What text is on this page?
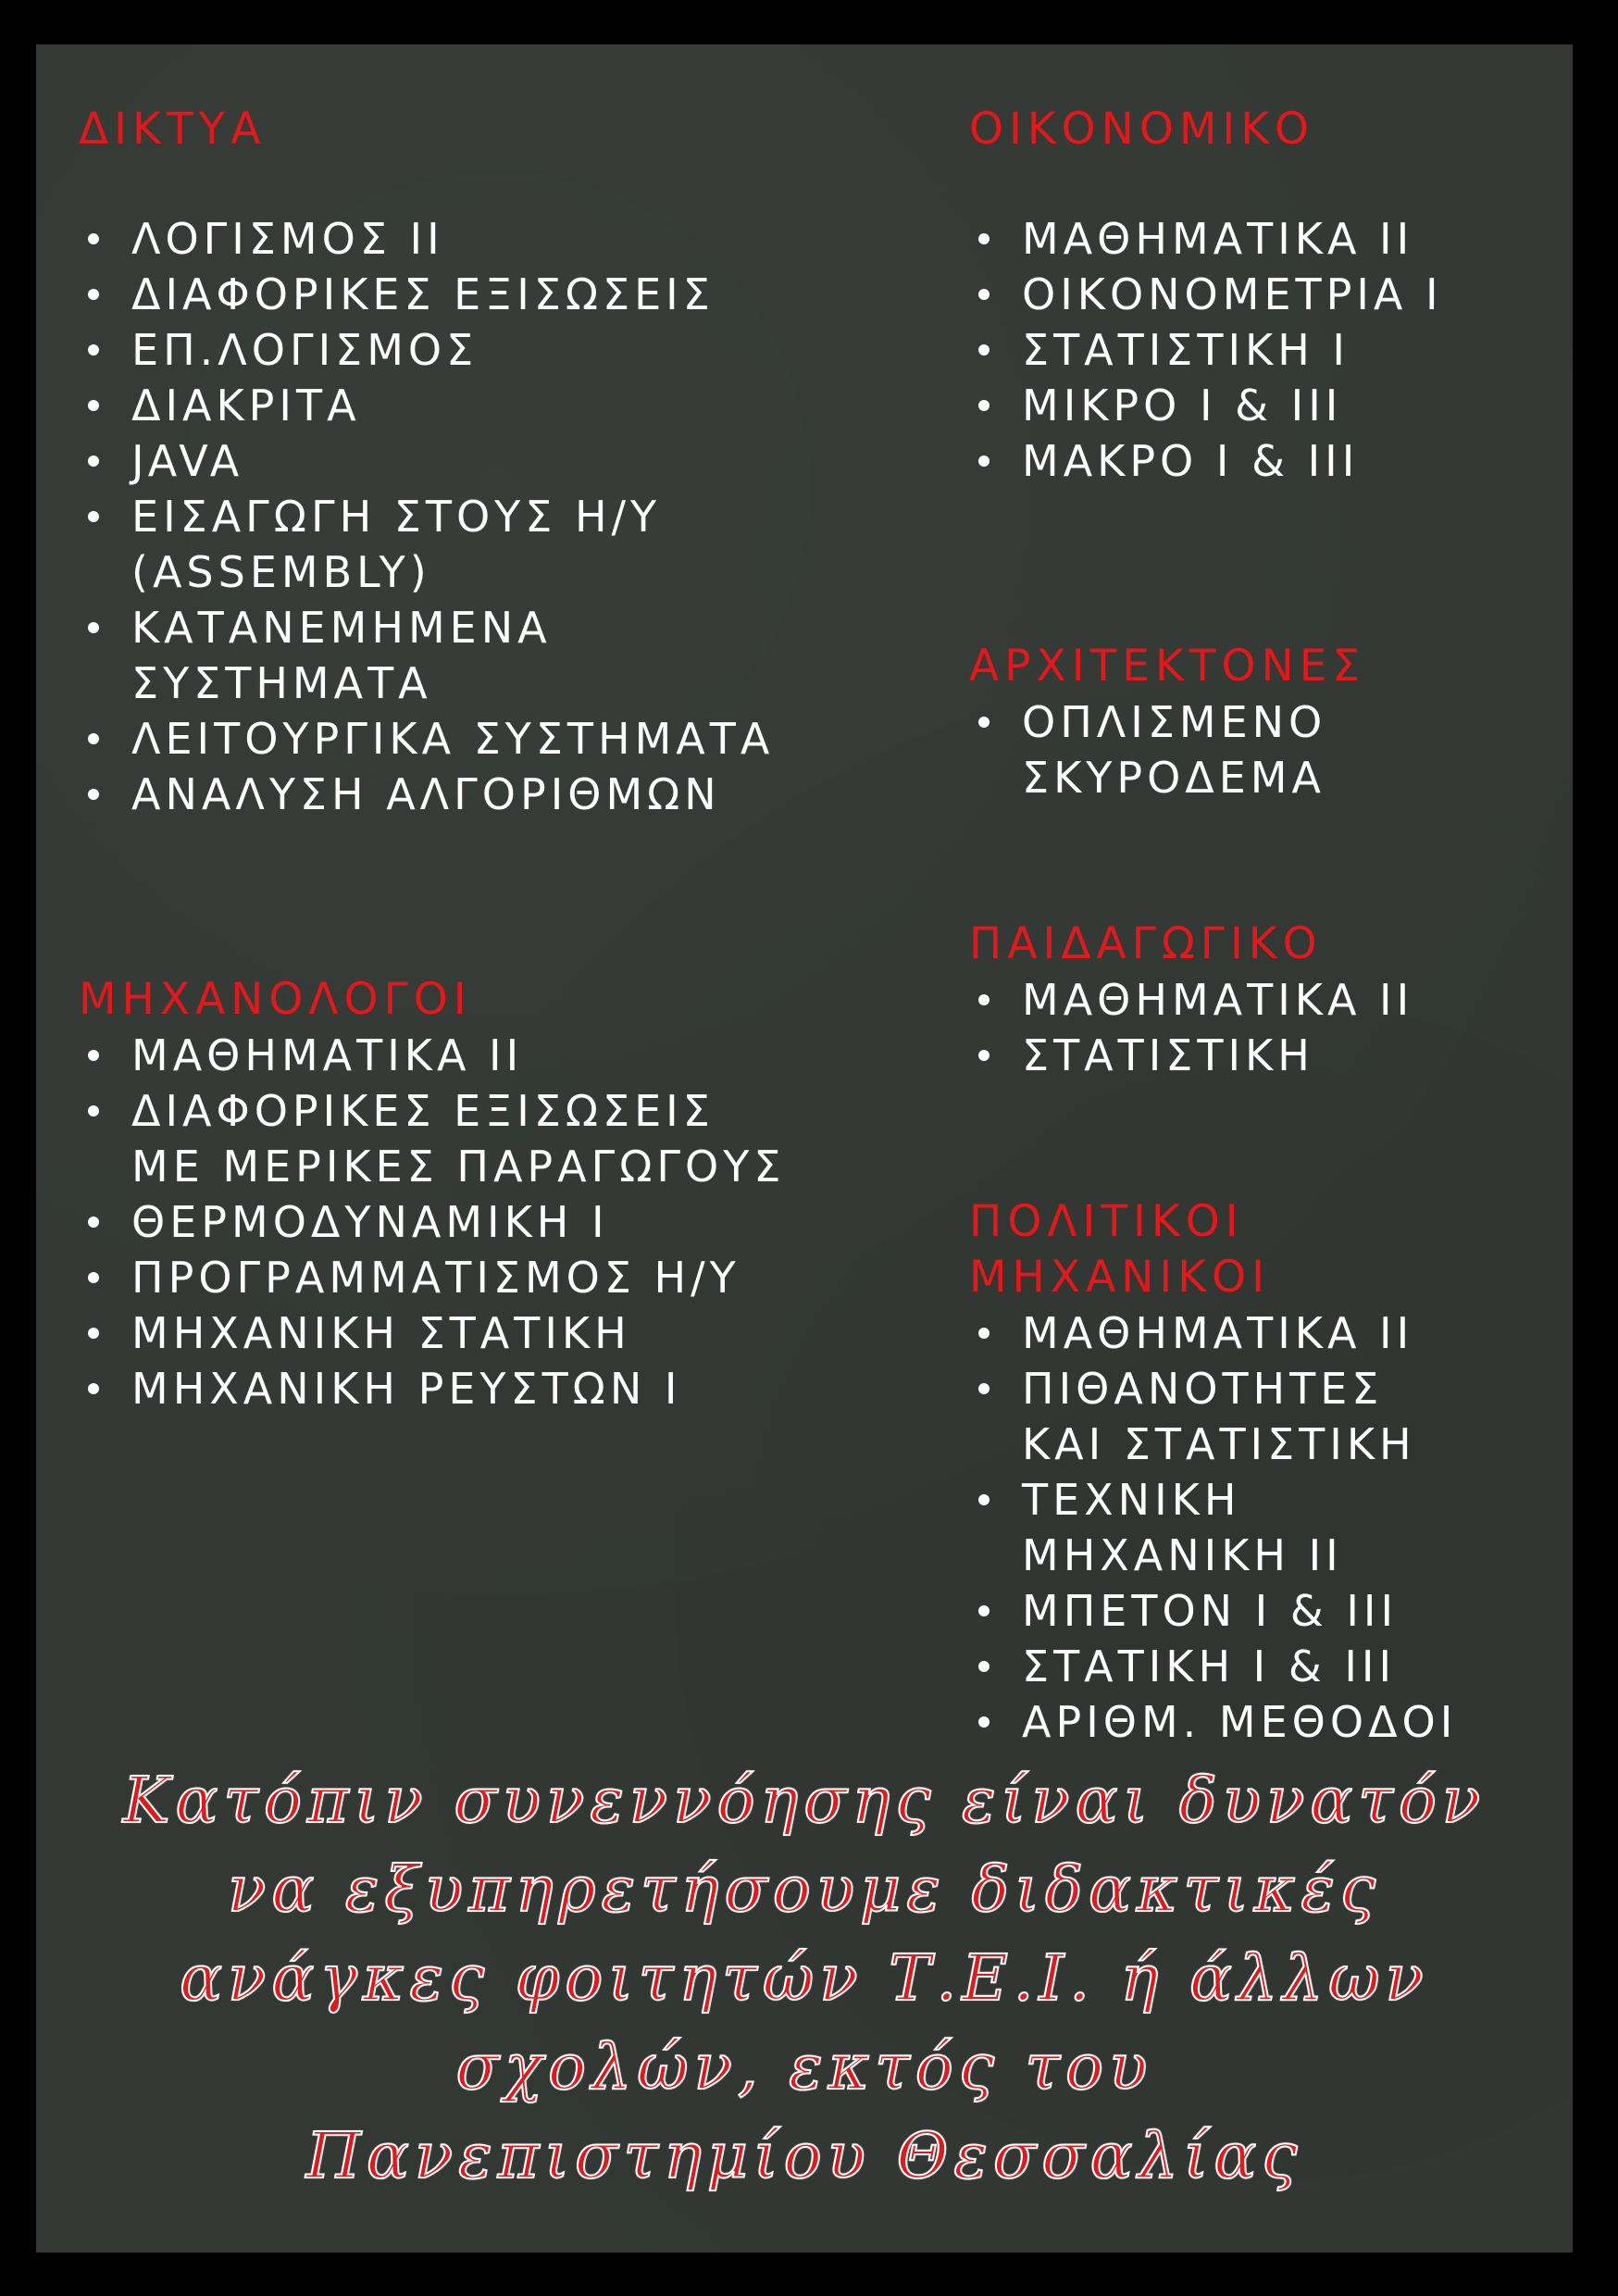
ΔΙΚΤΥΑ
ΛΟΓΙΣΜΟΣ ΙΙ
ΔΙΑΦΟΡΙΚΕΣ ΕΞΙΣΩΣΕΙΣ
ΕΠ.ΛΟΓΙΣΜΟΣ
ΔΙΑΚΡΙΤΑ
JAVA
ΕΙΣΑΓΩΓΗ ΣΤΟΥΣ Η/Υ
(ASSEMBLY)
ΚΑΤΑΝΕΜΗΜΕΝΑ
ΣΥΣΤΗΜΑΤΑ
ΛΕΙΤΟΥΡΓΙΚΑ ΣΥΣΤΗΜΑΤΑ
ΑΝΑΛΥΣΗ ΑΛΓΟΡΙΘΜΩΝ
ΜΗΧΑΝΟΛΟΓΟΙ
ΜΑΘΗΜΑΤΙΚΑ ΙΙ
ΔΙΑΦΟΡΙΚΕΣ ΕΞΙΣΩΣΕΙΣ
ΜΕ ΜΕΡΙΚΕΣ ΠΑΡΑΓΩΓΟΥΣ
ΘΕΡΜΟΔΥΝΑΜΙΚΗ Ι
ΠΡΟΓΡΑΜΜΑΤΙΣΜΟΣ Η/Υ
ΜΗΧΑΝΙΚΗ ΣΤΑΤΙΚΗ
ΜΗΧΑΝΙΚΗ ΡΕΥΣΤΩΝ Ι
ΟΙΚΟΝΟΜΙΚΟ
ΜΑΘΗΜΑΤΙΚΑ ΙΙ
ΟΙΚΟΝΟΜΕΤΡΙΑ Ι
ΣΤΑΤΙΣΤΙΚΗ Ι
ΜΙΚΡΟ Ι & ΙΙΙ
ΜΑΚΡΟ Ι & ΙΙΙ
ΑΡΧΙΤΕΚΤΟΝΕΣ
ΟΠΛΙΣΜΕΝΟ
ΣΚΥΡΟΔΕΜΑ
ΠΑΙΔΑΓΩΓΙΚΟ
ΜΑΘΗΜΑΤΙΚΑ ΙΙ
ΣΤΑΤΙΣΤΙΚΗ
ΠΟΛΙΤΙΚΟΙ
ΜΗΧΑΝΙΚΟΙ
ΜΑΘΗΜΑΤΙΚΑ ΙΙ
ΠΙΘΑΝΟΤΗΤΕΣ
ΚΑΙ ΣΤΑΤΙΣΤΙΚΗ
ΤΕΧΝΙΚΗ
ΜΗΧΑΝΙΚΗ ΙΙ
ΜΠΕΤΟΝ Ι & ΙΙΙ
ΣΤΑΤΙΚΗ Ι & ΙΙΙ
ΑΡΙΘΜ. ΜΕΘΟΔΟΙ
Κατόπιν συνεννόησης είναι δυνατόν
να εξυπηρετήσουμε διδακτικές
ανάγκες φοιτητών Τ.Ε.Ι. ή άλλων
σχολών, εκτός του
Πανεπιστημίου Θεσσαλίας
